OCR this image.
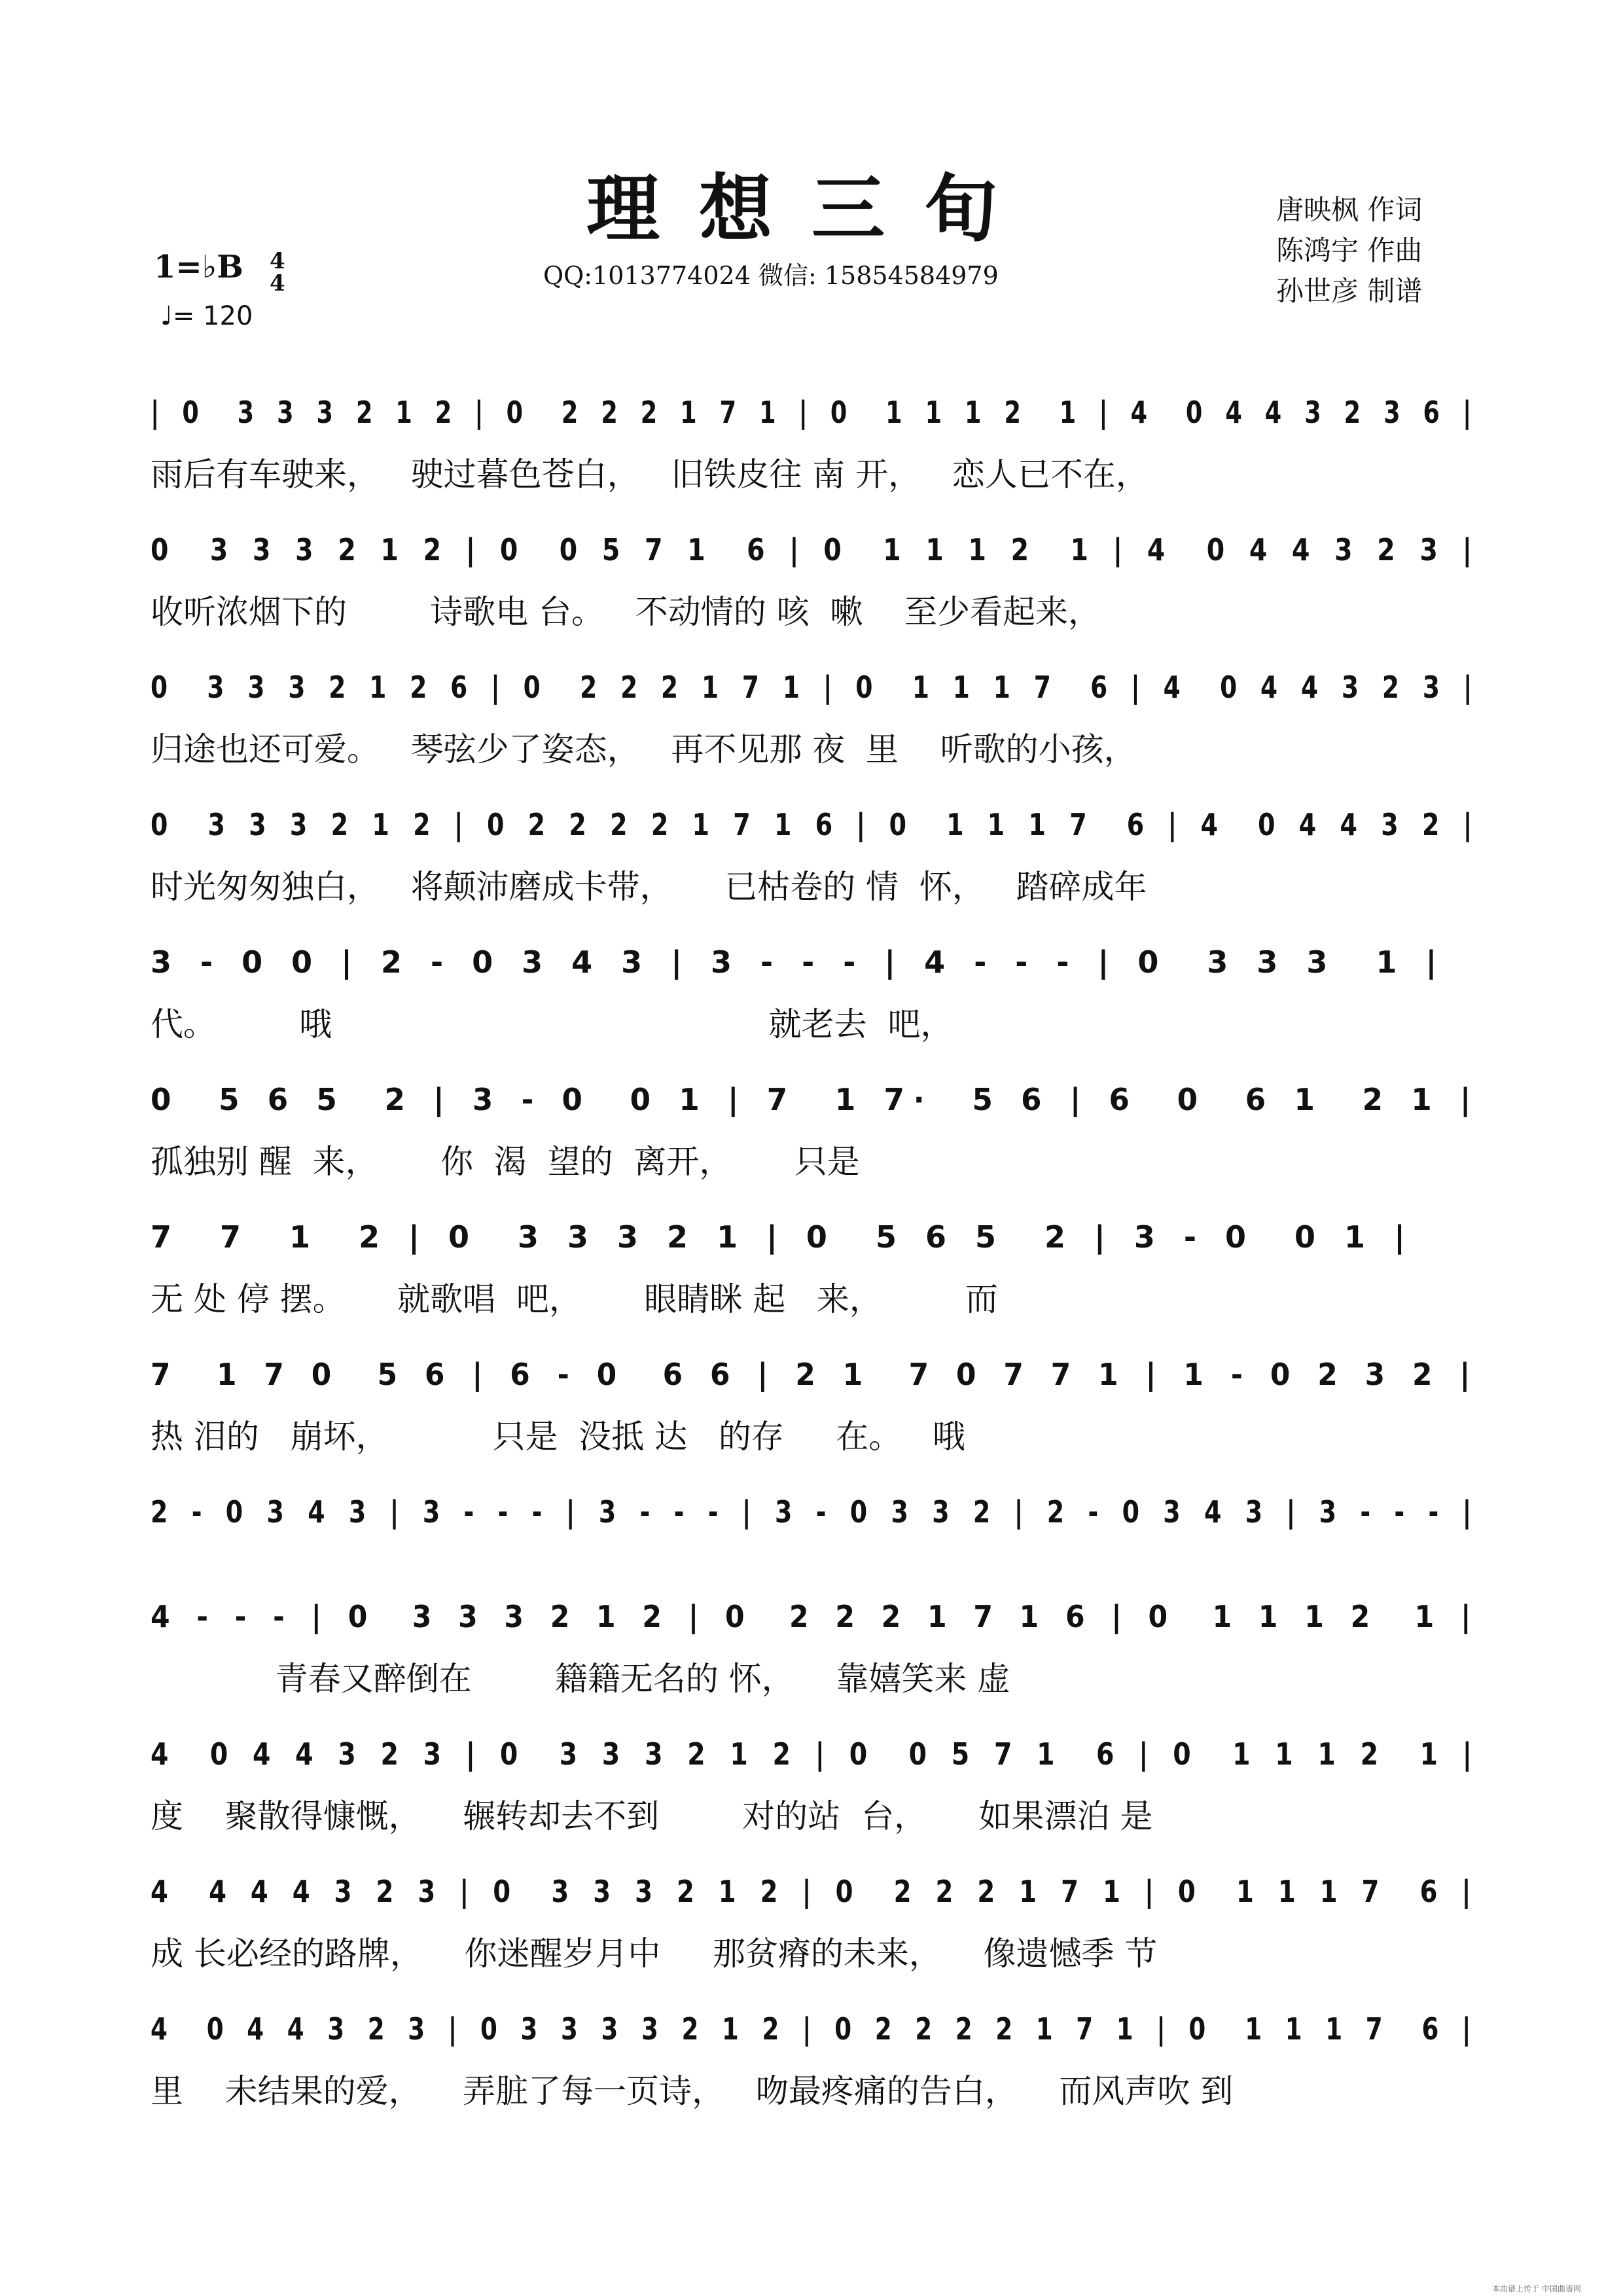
理想三旬
QQ:1013774024 微信: 15854584979
1=♭B 4
4
♩= 120
唐映枫 作词
陈鸿宇 作曲
孙世彦 制谱
| 0  3 3 3 2 1 2 | 0  2 2 2 1 7 1 | 0  1 1 1 2  1 | 4  0 4 4 3 2 3 6 |
雨后有车驶来，   驶过暮色苍白，   旧铁皮往 南 开，   恋人已不在，
0  3 3 3 2 1 2 | 0  0 5 7 1  6 | 0  1 1 1 2  1 | 4  0 4 4 3 2 3 |
收听浓烟下的        诗歌电 台。   不动情的 咳  嗽    至少看起来，
0  3 3 3 2 1 2 6 | 0  2 2 2 1 7 1 | 0  1 1 1 7  6 | 4  0 4 4 3 2 3 |
归途也还可爱。   琴弦少了姿态，   再不见那 夜  里    听歌的小孩，
0  3 3 3 2 1 2 | 0 2 2 2 2 1 7 1 6 | 0  1 1 1 7  6 | 4  0 4 4 3 2 |
时光匆匆独白，   将颠沛磨成卡带，     已枯卷的 情  怀，   踏碎成年
3 - 0 0 | 2 - 0 3 4 3 | 3 - - - | 4 - - - | 0  3 3 3  1 |
代。        哦                                          就老去  吧，
0  5 6 5  2 | 3 - 0  0 1 | 7  1 7·  5 6 | 6  0  6 1  2 1 |
孤独别 醒  来，      你  渴  望的  离开，      只是
7  7  1  2 | 0  3 3 3 2 1 | 0  5 6 5  2 | 3 - 0  0 1 |
无 处 停 摆。     就歌唱  吧，      眼睛眯 起   来，        而
7  1 7 0  5 6 | 6 - 0  6 6 | 2 1  7 0 7 7 1 | 1 - 0 2 3 2 |
热 泪的   崩坏，          只是  没抵 达   的存     在。   哦
2 - 0 3 4 3 | 3 - - - | 3 - - - | 3 - 0 3 3 2 | 2 - 0 3 4 3 | 3 - - - |
4 - - - | 0  3 3 3 2 1 2 | 0  2 2 2 1 7 1 6 | 0  1 1 1 2  1 |
青春又醉倒在        籍籍无名的 怀，    靠嬉笑来 虚
4  0 4 4 3 2 3 | 0  3 3 3 2 1 2 | 0  0 5 7 1  6 | 0  1 1 1 2  1 |
度    聚散得慷慨，    辗转却去不到        对的站  台，     如果漂泊 是
4  4 4 4 3 2 3 | 0  3 3 3 2 1 2 | 0  2 2 2 1 7 1 | 0  1 1 1 7  6 |
成 长必经的路牌，    你迷醒岁月中     那贫瘠的未来，    像遗憾季 节
4  0 4 4 3 2 3 | 0 3 3 3 3 2 1 2 | 0 2 2 2 2 1 7 1 | 0  1 1 1 7  6 |
里    未结果的爱，    弄脏了每一页诗，   吻最疼痛的告白，    而风声吹 到
本曲谱上传于 中国曲谱网
